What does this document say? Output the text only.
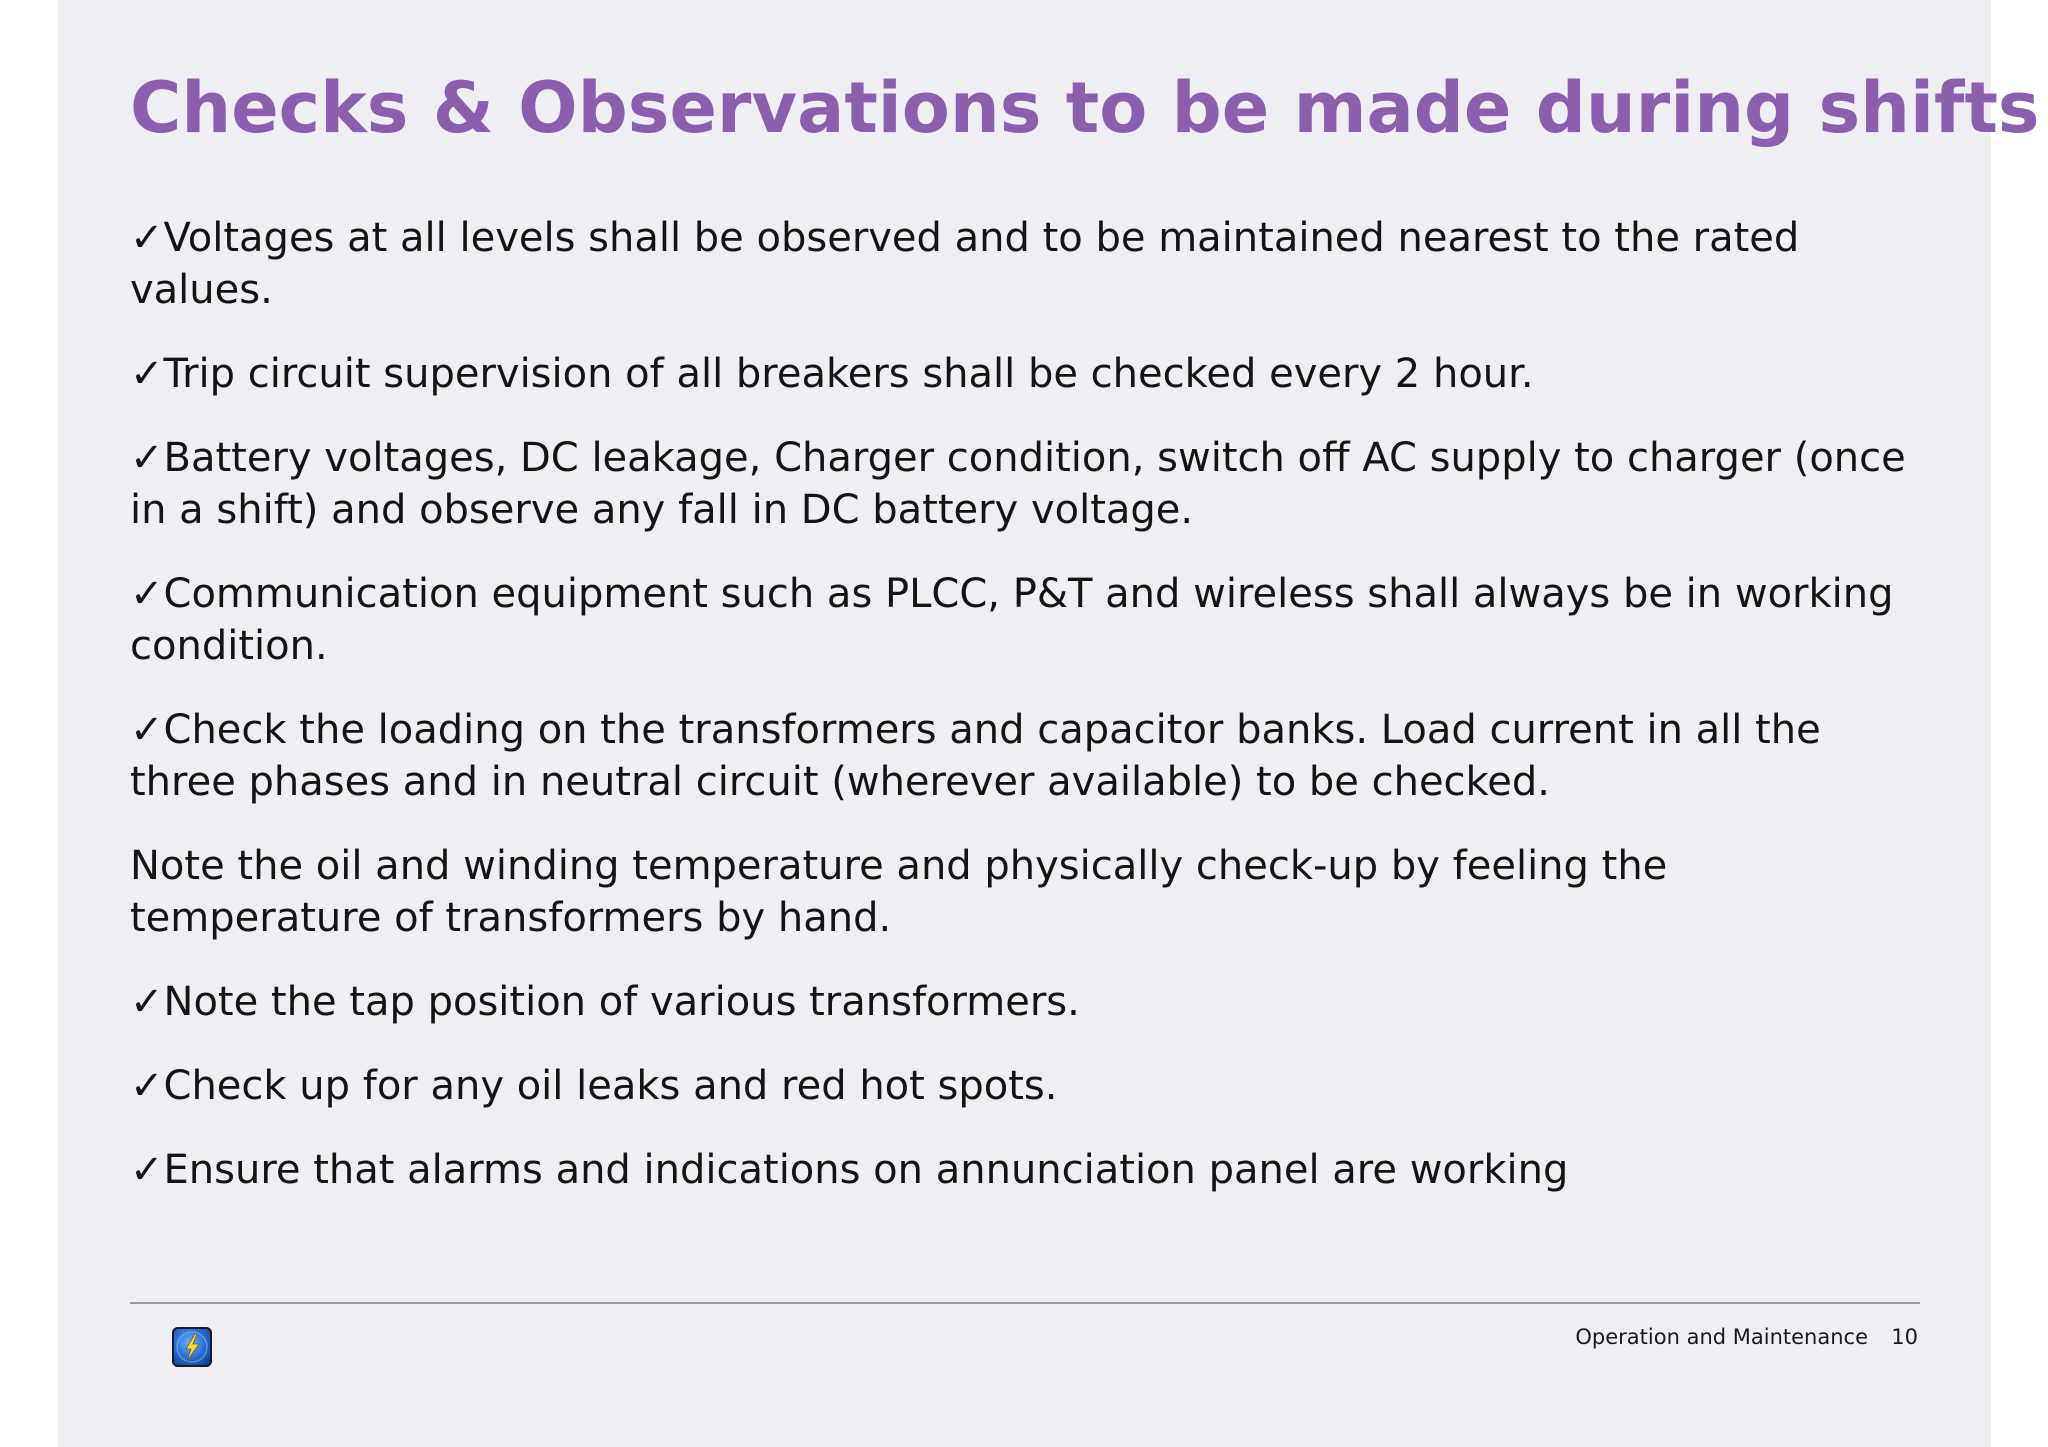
Checks & Observations to be made during shifts
✓Voltages at all levels shall be observed and to be maintained nearest to the rated values.
✓Trip circuit supervision of all breakers shall be checked every 2 hour.
✓Battery voltages, DC leakage, Charger condition, switch off AC supply to charger (once in a shift) and observe any fall in DC battery voltage.
✓Communication equipment such as PLCC, P&T and wireless shall always be in working condition.
✓Check the loading on the transformers and capacitor banks. Load current in all the three phases and in neutral circuit (wherever available) to be checked.
Note the oil and winding temperature and physically check-up by feeling the temperature of transformers by hand.
✓Note the tap position of various transformers.
✓Check up for any oil leaks and red hot spots.
✓Ensure that alarms and indications on annunciation panel are working
Operation and Maintenance	10
